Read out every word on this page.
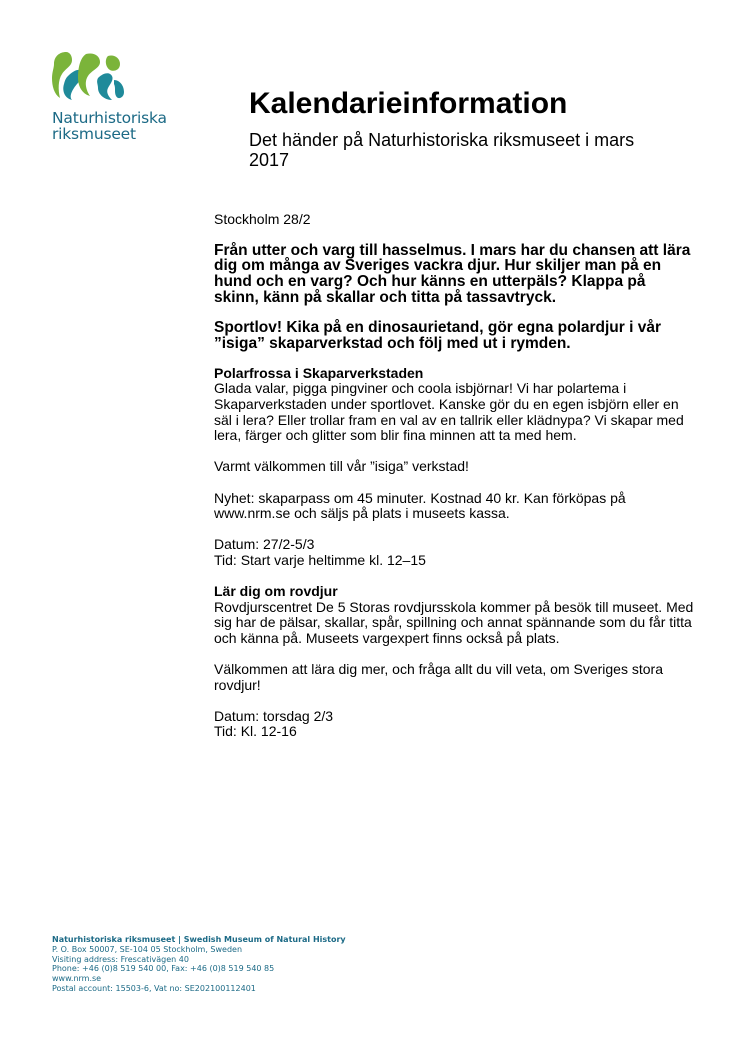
Naturhistoriska
riksmuseet
Kalendarieinformation
Det händer på Naturhistoriska riksmuseet i mars 2017

Stockholm 28/2

Från utter och varg till hasselmus. I mars har du chansen att lära dig om många av Sveriges vackra djur. Hur skiljer man på en hund och en varg? Och hur känns en utterpäls? Klappa på skinn, känn på skallar och titta på tassavtryck.

Sportlov! Kika på en dinosaurietand, gör egna polardjur i vår ”isiga” skaparverkstad och följ med ut i rymden.

Polarfrossa i Skaparverkstaden

Glada valar, pigga pingviner och coola isbjörnar! Vi har polartema i Skaparverkstaden under sportlovet. Kanske gör du en egen isbjörn eller en säl i lera? Eller trollar fram en val av en tallrik eller klädnypa? Vi skapar med lera, färger och glitter som blir fina minnen att ta med hem.

Varmt välkommen till vår ”isiga” verkstad!

Nyhet: skaparpass om 45 minuter. Kostnad 40 kr. Kan förköpas på www.nrm.se och säljs på plats i museets kassa.

Datum: 27/2-5/3

Tid: Start varje heltimme kl. 12–15

Lär dig om rovdjur

Rovdjurscentret De 5 Storas rovdjursskola kommer på besök till museet. Med sig har de pälsar, skallar, spår, spillning och annat spännande som du får titta och känna på. Museets vargexpert finns också på plats.

Välkommen att lära dig mer, och fråga allt du vill veta, om Sveriges stora rovdjur!

Datum: torsdag 2/3

Tid: Kl. 12-16

Naturhistoriska riksmuseet | Swedish Museum of Natural History
P. O. Box 50007, SE-104 05 Stockholm, Sweden
Visiting address: Frescativägen 40
Phone: +46 (0)8 519 540 00, Fax: +46 (0)8 519 540 85
www.nrm.se
Postal account: 15503-6, Vat no: SE202100112401
